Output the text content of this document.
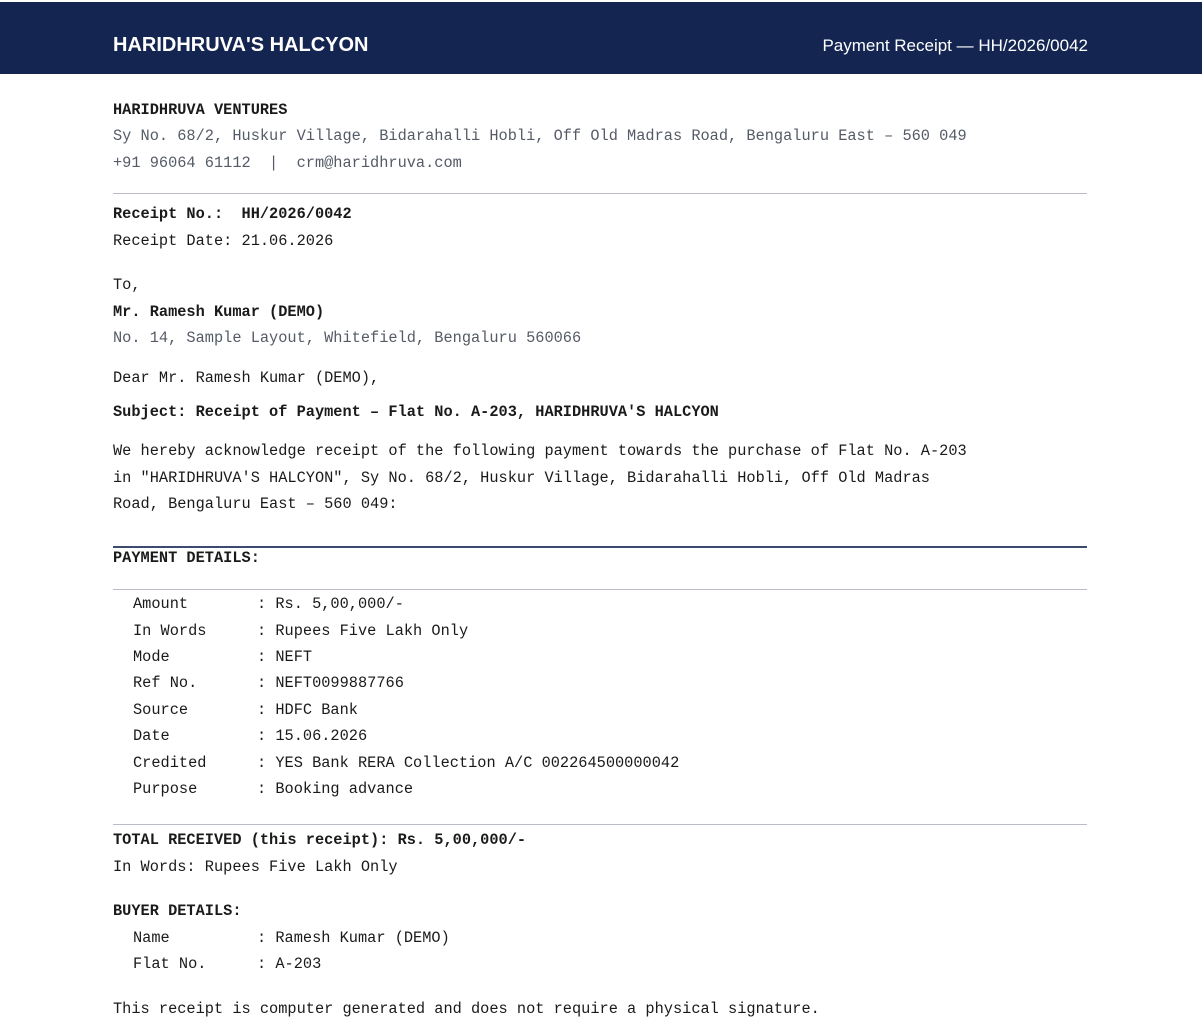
HARIDHRUVA'S HALCYON	Payment Receipt — HH/2026/0042
HARIDHRUVA VENTURES
Sy No. 68/2, Huskur Village, Bidarahalli Hobli, Off Old Madras Road, Bengaluru East – 560 049
+91 96064 61112  |  crm@haridhruva.com
Receipt No.:  HH/2026/0042
Receipt Date: 21.06.2026
To,
Mr. Ramesh Kumar (DEMO)
No. 14, Sample Layout, Whitefield, Bengaluru 560066
Dear Mr. Ramesh Kumar (DEMO),
Subject: Receipt of Payment – Flat No. A-203, HARIDHRUVA'S HALCYON
We hereby acknowledge receipt of the following payment towards the purchase of Flat No. A-203
in "HARIDHRUVA'S HALCYON", Sy No. 68/2, Huskur Village, Bidarahalli Hobli, Off Old Madras
Road, Bengaluru East – 560 049:
PAYMENT DETAILS:
Amount	: Rs. 5,00,000/-
In Words	: Rupees Five Lakh Only
Mode	: NEFT
Ref No.	: NEFT0099887766
Source	: HDFC Bank
Date	: 15.06.2026
Credited	: YES Bank RERA Collection A/C 002264500000042
Purpose	: Booking advance
TOTAL RECEIVED (this receipt): Rs. 5,00,000/-
In Words: Rupees Five Lakh Only
BUYER DETAILS:
Name	: Ramesh Kumar (DEMO)
Flat No.	: A-203
This receipt is computer generated and does not require a physical signature.
